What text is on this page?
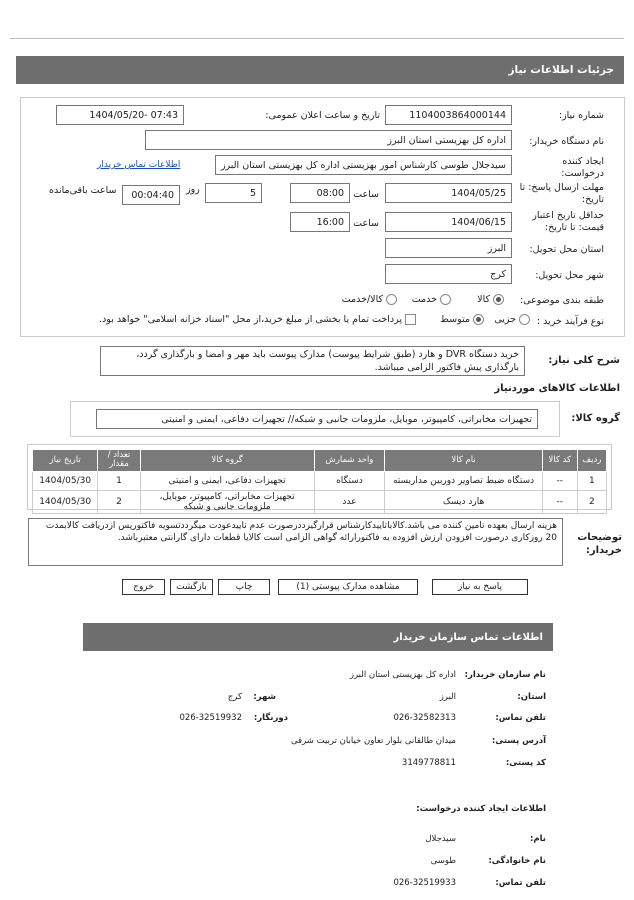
جزئیات اطلاعات نیاز
شماره نیاز:
1104003864000144
تاریخ و ساعت اعلان عمومی:
1404/05/20- 07:43
نام دستگاه خریدار:
اداره کل بهزیستی استان البرز
ایجاد کننده درخواست:
سیدجلال طوسی کارشناس امور بهزیستی اداره کل بهزیستی استان البرز
اطلاعات تماس خریدار
مهلت ارسال پاسخ: تا تاریخ:
1404/05/25
ساعت
08:00
5
روز
00:04:40
ساعت باقی‌مانده
حداقل تاریخ اعتبار قیمت: تا تاریخ:
1404/06/15
ساعت
16:00
استان محل تحویل:
البرز
شهر محل تحویل:
کرج
طبقه بندی موضوعی:
کالا
خدمت
کالا/خدمت
نوع فرآیند خرید :
جزیی
متوسط
پرداخت تمام یا بخشی از مبلغ خرید،از محل "اسناد خزانه اسلامی" خواهد بود.
شرح کلی نیاز:
خرید دستگاه DVR و هارد (طبق شرایط پیوست) مدارک پیوست باید مهر و امضا و بارگذاری گردد، بارگذاری پیش فاکتور الزامی میباشد.
اطلاعات کالاهای موردنیاز
گروه کالا:
تجهیزات مخابراتی، کامپیوتر، موبایل، ملزومات جانبی و شبکه// تجهیزات دفاعی، ایمنی و امنیتی
ردیف	کد کالا	نام کالا	واحد شمارش	گروه کالا	تعداد / مقدار	تاریخ نیاز
1	--	دستگاه ضبط تصاویر دوربین مداربسته	دستگاه	تجهیزات دفاعی، ایمنی و امنیتی	1	1404/05/30
2	--	هارد دیسک	عدد	تجهیزات مخابراتی، کامپیوتر، موبایل، ملزومات جانبی و شبکه	2	1404/05/30
توضیحات خریدار:
هزینه ارسال بعهده تامین کننده می باشد.کالاباتاییدکارشناس قرارگیرددرصورت عدم تاییدعودت میگرددتسویه فاکتورپس ازدریافت کالابمدت 20 روزکاری درصورت افزودن ارزش افزوده به فاکتورارائه گواهی الزامی است کالایا قطعات دارای گارانتی معتبرباشد.
پاسخ به نیاز
مشاهده مدارک پیوستی (1)
چاپ
بازگشت
خروج
اطلاعات تماس سازمان خریدار
نام سازمان خریدار:
اداره کل بهزیستی استان البرز
استان:
البرز
شهر:
کرج
تلفن تماس:
026-32582313
دورنگار:
026-32519932
آدرس پستی:
میدان طالقانی بلوار تعاون خیابان تربیت شرقی
کد پستی:
3149778811
اطلاعات ایجاد کننده درخواست:
نام:
سیدجلال
نام خانوادگی:
طوسی
تلفن تماس:
026-32519933
